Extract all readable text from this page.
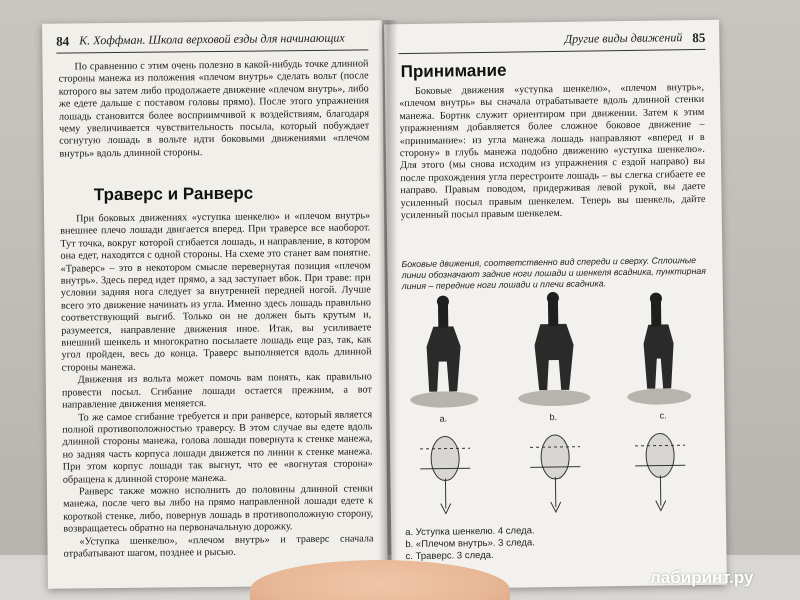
84 К. Хоффман. Школа верховой езды для начинающих

По сравнению с этим очень полезно в какой-нибудь точке длинной стороны манежа из положения «плечом внутрь» сделать вольт (после которого вы затем либо продолжаете движение «плечом внутрь», либо же едете дальше с поставом головы прямо). После этого упражнения лошадь становится более восприимчивой к воздействиям, благодаря чему увеличивается чувствительность посыла, который побуждает согнутую лошадь в вольте идти боковыми движениями «плечом внутрь» вдоль длинной стороны.

Траверс и Ранверс

При боковых движениях «уступка шенкелю» и «плечом внутрь» внешнее плечо лошади двигается вперед. При траверсе все наоборот. Тут точка, вокруг которой сгибается лошадь, и направление, в котором она едет, находятся с одной стороны. На схеме это станет вам понятне. «Траверс» – это в некотором смысле перевернутая позиция «плечом внутрь». Здесь перед идет прямо, а зад заступает вбок. При траве: при условии задняя нога следует за внутренней передней ногой. Лучше всего это движение начинать из угла. Именно здесь лошадь правильно соответствующий выгиб. Только он не должен быть крутым и, разумеется, направление движения иное. Итак, вы усиливаете внешний шенкель и многократно посылаете лошадь еще раз, так, как угол пройден, весь до конца. Траверс выполняется вдоль длинной стороны манежа.

Движения из вольта может помочь вам понять, как правильно провести посыл. Сгибание лошади остается прежним, а вот направление движения меняется.

То же самое сгибание требуется и при ранверсе, который является полной противоположностью траверсу. В этом случае вы едете вдоль длинной стороны манежа, голова лошади повернута к стенке манежа, но задняя часть корпуса лошади движется по линии к стенке манежа. При этом корпус лошади так выгнут, что ее «вогнутая сторона» обращена к длинной стороне манежа.

Ранверс также можно исполнить до половины длинной стенки манежа, после чего вы либо на прямо направленной лошади едете к короткой стенке, либо, повернув лошадь в противоположную сторону, возвращаетесь обратно на первоначальную дорожку.

«Уступка шенкелю», «плечом внутрь» и траверс сначала отрабатывают шагом, позднее и рысью.

Другие виды движений 85
Принимание

Боковые движения «уступка шенкелю», «плечом внутрь», «плечом внутрь» вы сначала отрабатываете вдоль длинной стенки манежа. Бортик служит ориентиром при движении. Затем к этим упражнениям добавляется более сложное боковое движение – «принимание»: из угла манежа лошадь направляют «вперед и в сторону» в глубь манежа подобно движению «уступка шенкелю». Для этого (мы снова исходим из упражнения с ездой направо) вы после прохождения угла перестроите лошадь – вы слегка сгибаете ее направо. Правым поводом, придерживая левой рукой, вы даете усиленный посыл правым шенкелем. Теперь вы шенкель, дайте усиленный посыл правым шенкелем.

Боковые движения, соответственно вид спереди и сверху. Сплошные линии обозначают задние ноги лошади и шенкеля всадника, пунктирная линия – передние ноги лошади и плечи всадника.
a.	b.	c.
a. Уступка шенкелю. 4 следа.
b. «Плечом внутрь». 3 следа.
c. Траверс. 3 следа.
лабиринт.ру
